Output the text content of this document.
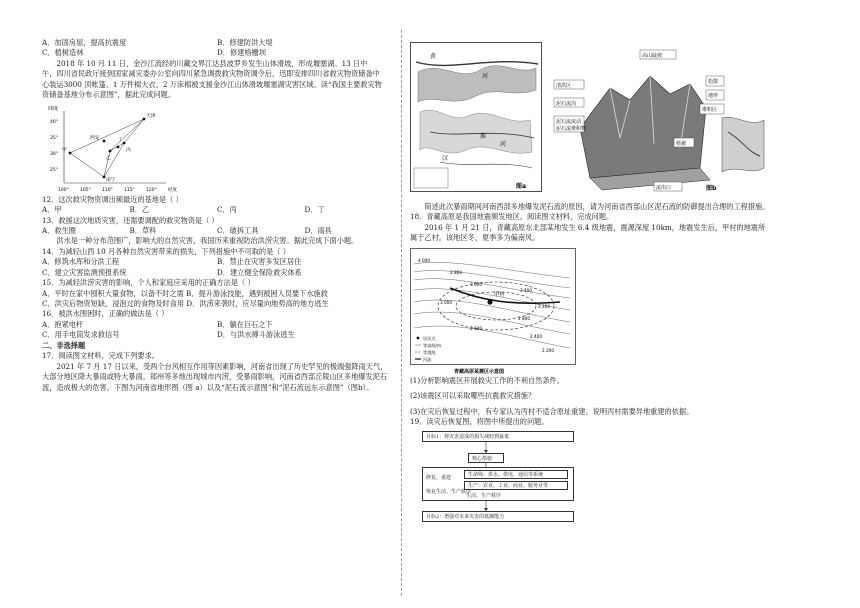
A．加固房屋，提高抗震度	B．修建防洪大堤
C．植树造林	D．修建格栅坝
2018 年 10 月 11 日，金沙江流经的川藏交界江达县波罗乡发生山体滑坡，形成堰塞湖。13 日中
午，四川省民政厅接到国家减灾委办公室向四川紧急调拨救灾物资调令后，迅即安排四川省救灾物资储备中
心装运3000 顶帐篷、1 万件棉大衣、2 万床棉被支援金沙江山体滑坡堰塞湖灾害区域。读“我国主要救灾物
资储备基地分布示意图”，据此完成问题。
纬度
40°
35°
30°
25°
100° 105° 110° 115° 120° 经度
天津
西安
甲
乙
丙
丁
南宁
12．这次救灾物资调出频最近的基地是（ ）
A．甲	B．乙	C．丙	D．丁
13．救援这次地质灾害，还需要调配的救灾物资是（ ）
A．救生圈	B．草料	C．破拆工具	D．雨具
洪水是一种分布范围广，影响大的自然灾害，我国历来重视防治洪涝灾害。据此完成下面小题。
14．为减轻山西 10 月各种自然灾害带来的损失，下列措施中不可取的是（ ）
A．修筑水库和分洪工程	B．禁止在灾害多发区居住
C．建立灾害监测预报系统	D．建立健全保险救灾体系
15．为减轻洪涝灾害的影响，个人和家庭应采用的正确方法是（ ）
A．平时在家中囤积大量食物，以备不时之需 B．提升游泳技能，遇到被困人员要下水施救
C．洪灾后物资短缺，浸泡过的食物及时食用 D．洪涝来袭时，应尽量向地势高的地方逃生
16．被洪水围困时，正确的做法是（ ）
A．抱紧电杆	B．躺在巨石之下
C．用手电筒发求救信号	D．与洪水搏斗游泳逃生
二、非选择题
17．阅读图文材料，完成下列要求。
2021 年 7 月 17 日以来，受两个台风相互作用等因素影响，河南省出现了历史罕见的极端强降雨天气，
大部分地区降大暴雨或特大暴雨。郑州等多地出现城市内涝，受暴雨影响，河南省西部丘陵山区多地爆发泥石
流，造成极大的危害。下图为河南省地形图（图 a）以及“泥石流示意图”和“泥石流远东示意图”（图b）。
黄
河
淮
河
汉
图a
高山陡坡
清洪区
泥石流沟
泥石流流动
泥石流堆积物
松散
地形
堆积区
植被
流出口	图b
简述此次暴雨期间河南西部多地爆发泥石流的原因，请为河南省西部山区泥石流的防御提出合理的工程措施。
18．青藏高原是我国地震频发地区。阅读图文材料，完成问题。
2016 年 1 月 21 日，青藏高原东北部某地发生 6.4 级地震，震源深度 10km，地震发生后，甲村的地震所
属于乙村。该地区冬，夏季多为偏南风。
甲村
4 000
3 800
3 600
3 400
3 200
3 000
2 800
2 600
2 400
2 200
居民点
等高线/m
等震线
河流
青藏高原某震区示意图
(1)分析影响震区开展救灾工作的不利自然条件。
(2)该震区可以采取哪些抗震救灾措施？
(3)在灾后恢复过程中，有专家认为丙村不适合原址重建。说明丙村需要异地重建的依据。
19．读灾后恢复图，将图中所提出的问题。
目标1：将灾害造成的损失减轻到最低
核心措施
修复、重建
恢复生活、生产秩序
生命线：供水、供电、通信等系统
生产：农业、工业、商业、服务业等
生活、生产秩序
目标2：增强对未来灾害的抵御能力
